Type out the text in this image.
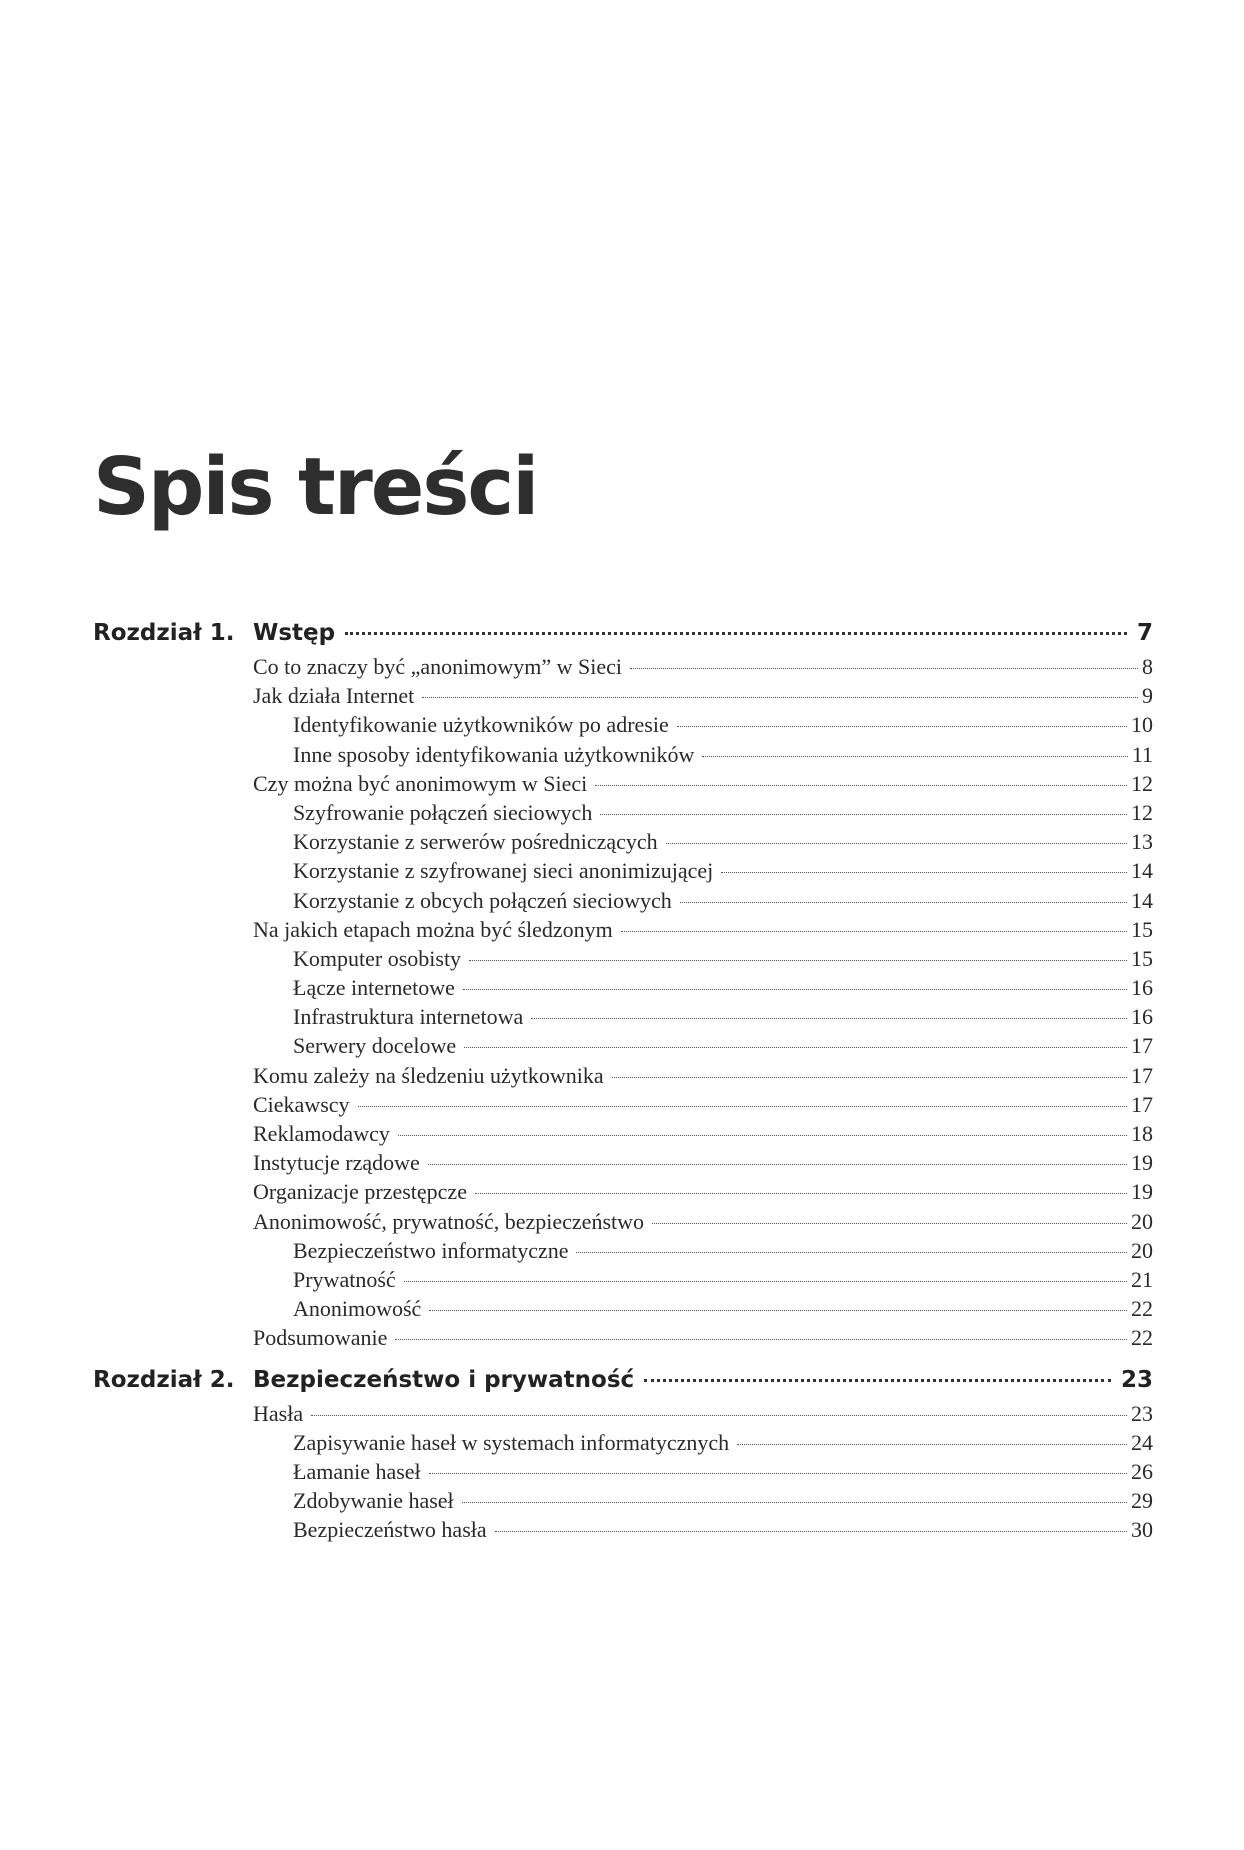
Spis treści
Rozdział 1. Wstęp	7
Co to znaczy być „anonimowym” w Sieci	8
Jak działa Internet	9
Identyfikowanie użytkowników po adresie	10
Inne sposoby identyfikowania użytkowników	11
Czy można być anonimowym w Sieci	12
Szyfrowanie połączeń sieciowych	12
Korzystanie z serwerów pośredniczących	13
Korzystanie z szyfrowanej sieci anonimizującej	14
Korzystanie z obcych połączeń sieciowych	14
Na jakich etapach można być śledzonym	15
Komputer osobisty	15
Łącze internetowe	16
Infrastruktura internetowa	16
Serwery docelowe	17
Komu zależy na śledzeniu użytkownika	17
Ciekawscy	17
Reklamodawcy	18
Instytucje rządowe	19
Organizacje przestępcze	19
Anonimowość, prywatność, bezpieczeństwo	20
Bezpieczeństwo informatyczne	20
Prywatność	21
Anonimowość	22
Podsumowanie	22
Rozdział 2. Bezpieczeństwo i prywatność	23
Hasła	23
Zapisywanie haseł w systemach informatycznych	24
Łamanie haseł	26
Zdobywanie haseł	29
Bezpieczeństwo hasła	30
